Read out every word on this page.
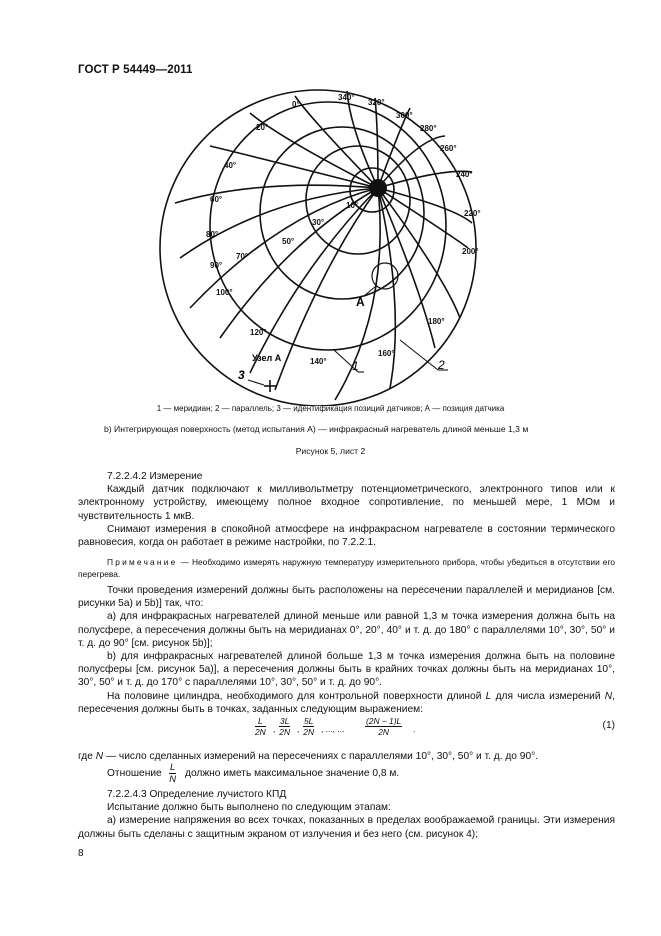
ГОСТ Р 54449—2011
А
340°
320°
300°
280°
260°
240°
220°
200°
180°
160°
140°
0°
20°
40°
60°
80°
90°
100°
120°
10°
30°
50°
70°
Узел А
1	2
3
1 — меридиан; 2 — параллель; 3 — идентификация позиций датчиков; А — позиция датчика
b) Интегрирующая поверхность (метод испытания А) — инфракрасный нагреватель длиной меньше 1,3 м
Рисунок 5, лист 2

7.2.2.4.2 Измерение

Каждый датчик подключают к милливольтметру потенциометрического, электронного типов или к электронному устройству, имеющему полное входное сопротивление, по меньшей мере, 1 МОм и чувствительность 1 мкВ.

Снимают измерения в спокойной атмосфере на инфракрасном нагревателе в состоянии термического равновесия, когда он работает в режиме настройки, по 7.2.2.1.

Примечание — Необходимо измерять наружную температуру измерительного прибора, чтобы убедиться в отсутствии его перегрева.

Точки проведения измерений должны быть расположены на пересечении параллелей и меридианов [см. рисунки 5a) и 5b)] так, что:

a) для инфракрасных нагревателей длиной меньше или равной 1,3 м точка измерения должна быть на полусфере, а пересечения должны быть на меридианах 0°, 20°, 40° и т. д. до 180° с параллелями 10°, 30°, 50° и т. д. до 90° [см. рисунок 5b)];

b) для инфракрасных нагревателей длиной больше 1,3 м точка измерения должна быть на половине полусферы [см. рисунок 5a)], а пересечения должны быть в крайних точках должны быть на меридианах 10°, 30°, 50° и т. д. до 170° с параллелями 10°, 30°, 50° и т. д. до 90°.

На половине цилиндра, необходимого для контрольной поверхности длиной L для числа измерений N, пересечения должны быть в точках, заданных следующим выражением:

$\frac{L}{2N}$ , $\frac{3L}{2N}$ , $\frac{5L}{2N}$ , ..., ... $\frac{(2N - 1)L}{2N}$ .	(1)

где N — число сделанных измерений на пересечениях с параллелями 10°, 30°, 50° и т. д. до 90°.

Отношение $\frac{L}{N}$ должно иметь максимальное значение 0,8 м.

7.2.2.4.3 Определение лучистого КПД

Испытание должно быть выполнено по следующим этапам:

a) измерение напряжения во всех точках, показанных в пределах воображаемой границы. Эти измерения должны быть сделаны с защитным экраном от излучения и без него (см. рисунок 4);

8
